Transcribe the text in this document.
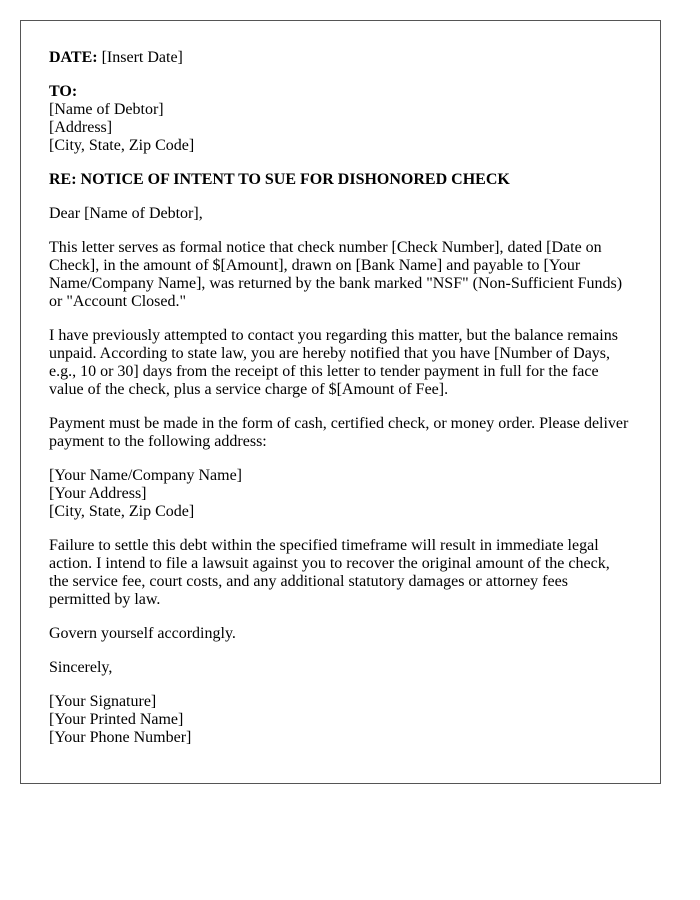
DATE: [Insert Date]

TO:
[Name of Debtor]
[Address]
[City, State, Zip Code]

RE: NOTICE OF INTENT TO SUE FOR DISHONORED CHECK

Dear [Name of Debtor],

This letter serves as formal notice that check number [Check Number], dated [Date on Check], in the amount of $[Amount], drawn on [Bank Name] and payable to [Your Name/Company Name], was returned by the bank marked "NSF" (Non-Sufficient Funds) or "Account Closed."

I have previously attempted to contact you regarding this matter, but the balance remains unpaid. According to state law, you are hereby notified that you have [Number of Days, e.g., 10 or 30] days from the receipt of this letter to tender payment in full for the face value of the check, plus a service charge of $[Amount of Fee].

Payment must be made in the form of cash, certified check, or money order. Please deliver payment to the following address:

[Your Name/Company Name]
[Your Address]
[City, State, Zip Code]

Failure to settle this debt within the specified timeframe will result in immediate legal action. I intend to file a lawsuit against you to recover the original amount of the check, the service fee, court costs, and any additional statutory damages or attorney fees permitted by law.

Govern yourself accordingly.

Sincerely,

[Your Signature]
[Your Printed Name]
[Your Phone Number]
